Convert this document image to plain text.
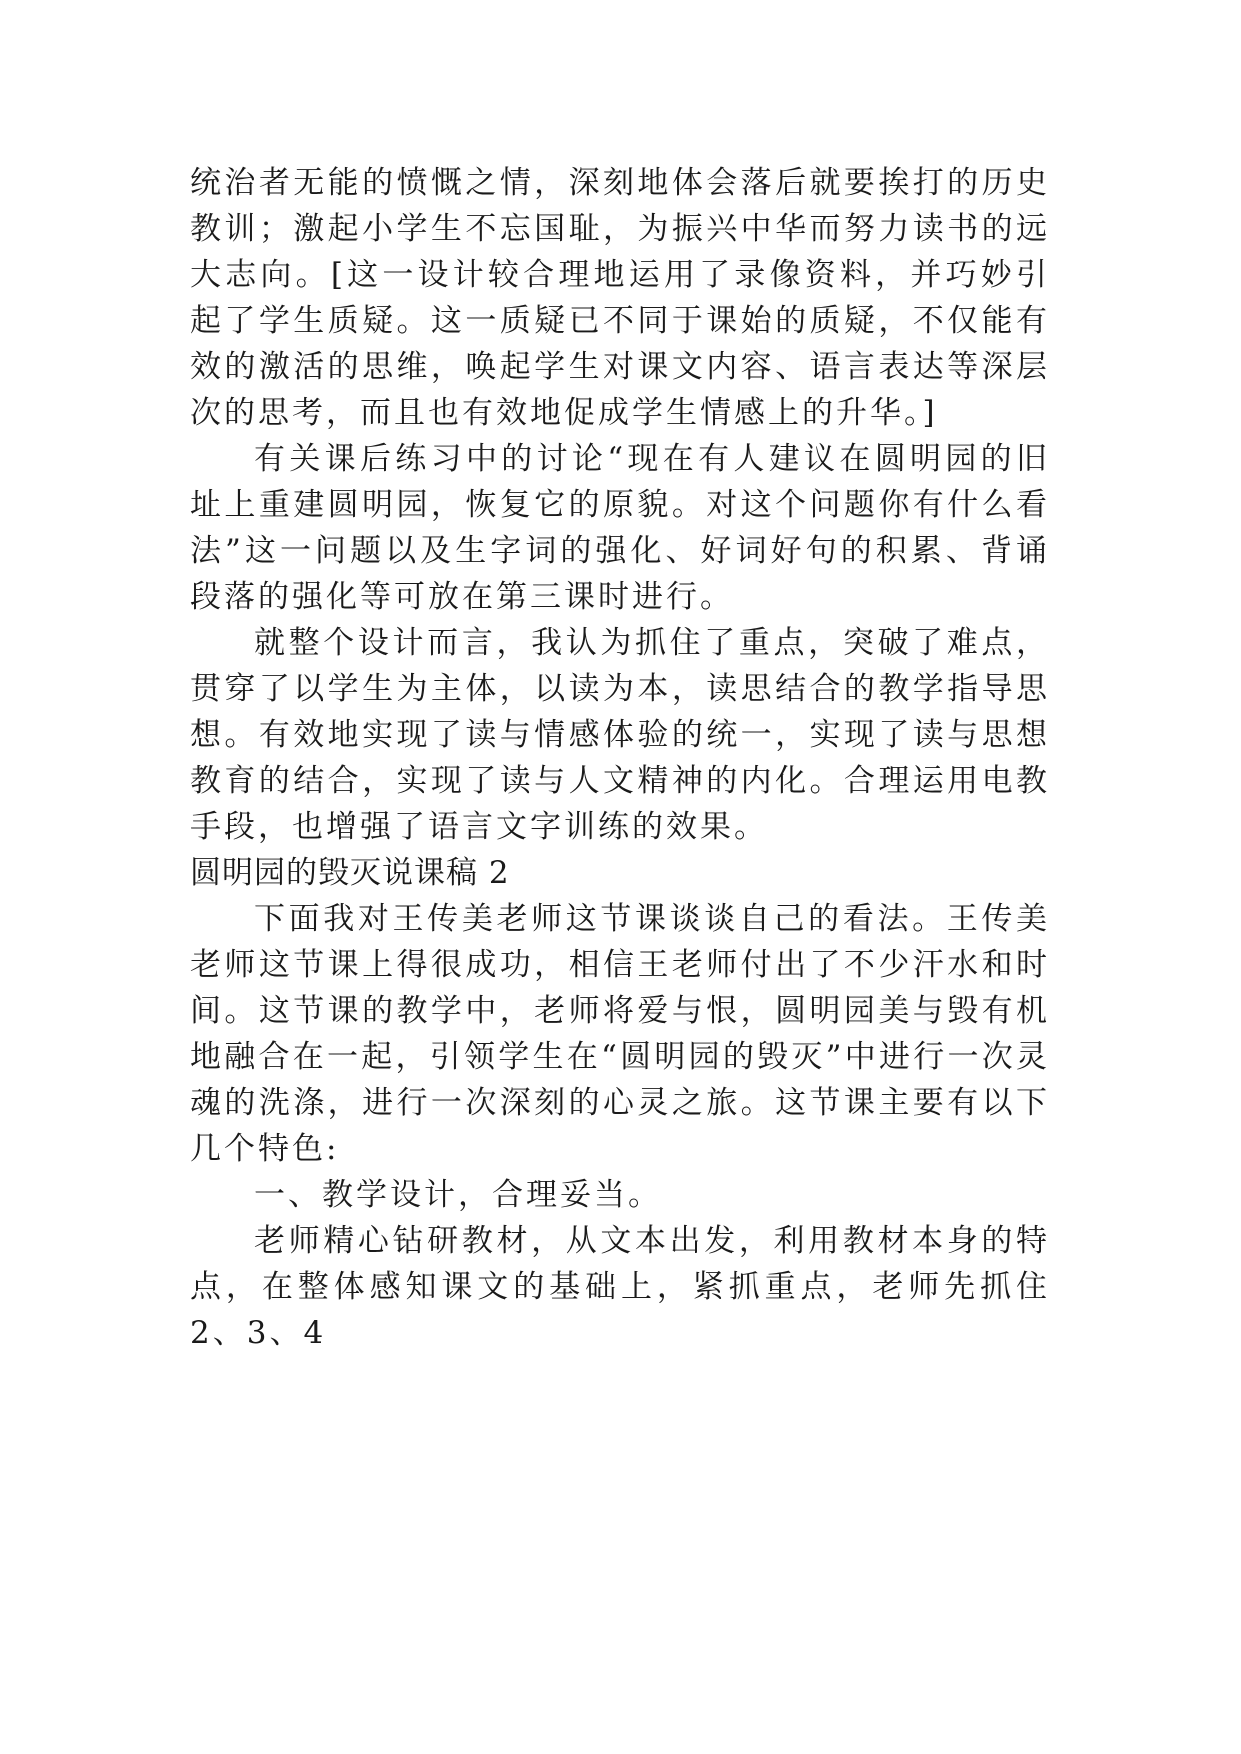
统治者无能的愤慨之情，深刻地体会落后就要挨打的历史教训；激起小学生不忘国耻，为振兴中华而努力读书的远大志向。[这一设计较合理地运用了录像资料，并巧妙引起了学生质疑。这一质疑已不同于课始的质疑，不仅能有效的激活的思维，唤起学生对课文内容、语言表达等深层次的思考，而且也有效地促成学生情感上的升华。]

有关课后练习中的讨论“现在有人建议在圆明园的旧址上重建圆明园，恢复它的原貌。对这个问题你有什么看法”这一问题以及生字词的强化、好词好句的积累、背诵段落的强化等可放在第三课时进行。

就整个设计而言，我认为抓住了重点，突破了难点，贯穿了以学生为主体，以读为本，读思结合的教学指导思想。有效地实现了读与情感体验的统一，实现了读与思想教育的结合，实现了读与人文精神的内化。合理运用电教手段，也增强了语言文字训练的效果。

圆明园的毁灭说课稿 2

下面我对王传美老师这节课谈谈自己的看法。王传美老师这节课上得很成功，相信王老师付出了不少汗水和时间。这节课的教学中，老师将爱与恨，圆明园美与毁有机地融合在一起，引领学生在“圆明园的毁灭”中进行一次灵魂的洗涤，进行一次深刻的心灵之旅。这节课主要有以下几个特色:

一、教学设计，合理妥当。

老师精心钻研教材，从文本出发，利用教材本身的特点，在整体感知课文的基础上，紧抓重点，老师先抓住 2、3、4
